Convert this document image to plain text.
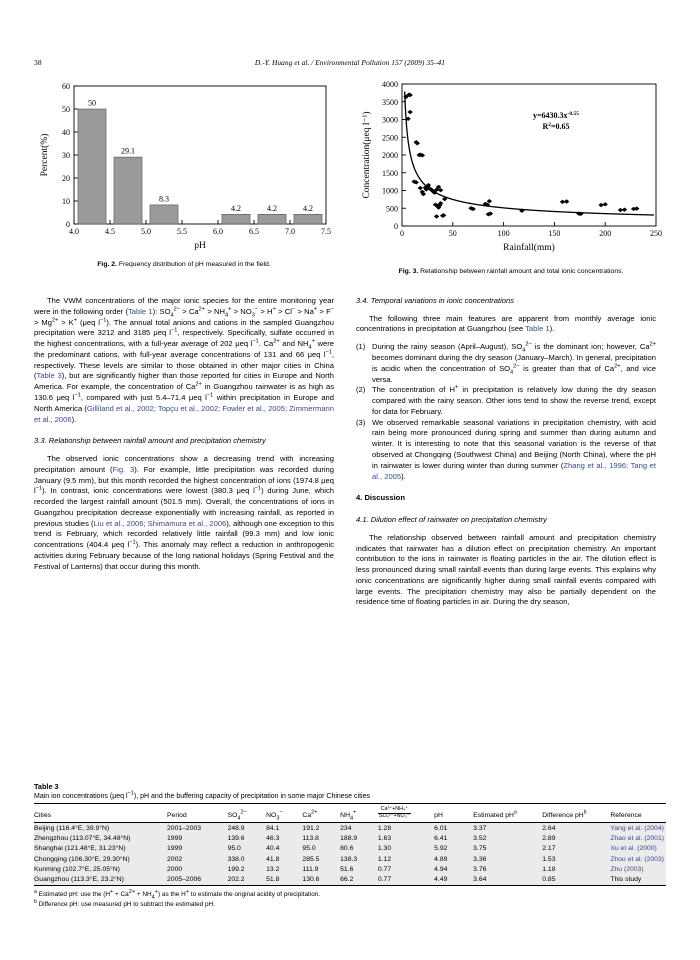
38	D.-Y. Huang et al. / Environmental Pollution 157 (2009) 35–41
0
10
20
30
40
50
60
4.0	4.5	5.0	5.5	6.0	6.5	7.0	7.5
50
29.1
8.3
4.2	4.2	4.2
pH
Percent(%)
Fig. 2. Frequency distribution of pH measured in the field.
0
500
1000
1500
2000
2500
3000
3500
4000
0	50	100	150	200	250
$y=6430.3x^{-0.55}$
$R^2=0.65$
Rainfall(mm)
Concentration(μeq l⁻¹)
Fig. 3. Relationship between rainfall amount and total ionic concentrations.

The VWM concentrations of the major ionic species for the entire monitoring year were in the following order (Table 1): $SO_4^{2-} > Ca^{2+} > NH_4^+ > NO_3^- > H^+ > Cl^- > Na^+ > F^- > Mg^{2+} > K^+$ (μeq $l^{-1}$). The annual total anions and cations in the sampled Guangzhou precipitation were 3212 and 3185 μeq $l^{-1}$, respectively. Specifically, sulfate occurred in the highest concentrations, with a full-year average of 202 μeq $l^{-1}$. $Ca^{2+}$ and $NH_4^+$ were the predominant cations, with full-year average concentrations of 131 and 66 μeq $l^{-1}$, respectively. These levels are similar to those obtained in other major cities in China (Table 3), but are significantly higher than those reported for cities in Europe and North America. For example, the concentration of $Ca^{2+}$ in Guangzhou rainwater is as high as 130.6 μeq $l^{-1}$, compared with just 5.4–71.4 μeq $l^{-1}$ within precipitation in Europe and North America (Gilliland et al., 2002; Topçu et al., 2002; Fowler et al., 2005; Zimmermann et al., 2006).

3.3. Relationship between rainfall amount and precipitation chemistry

The observed ionic concentrations show a decreasing trend with increasing precipitation amount (Fig. 3). For example, little precipitation was recorded during January (9.5 mm), but this month recorded the highest concentration of ions (1974.8 μeq $l^{-1}$). In contrast, ionic concentrations were lowest (380.3 μeq $l^{-1}$) during June, which recorded the largest rainfall amount (501.5 mm). Overall, the concentrations of ions in Guangzhou precipitation decrease exponentially with increasing rainfall, as reported in previous studies (Liu et al., 2006; Shimamura et al., 2006), although one exception to this trend is February, which recorded relatively little rainfall (99.3 mm) and low ionic concentrations (404.4 μeq $l^{-1}$). This anomaly may reflect a reduction in anthropogenic activities during February because of the long national holidays (Spring Festival and the Festival of Lanterns) that occur during this month.

3.4. Temporal variations in ionic concentrations

The following three main features are apparent from monthly average ionic concentrations in precipitation at Guangzhou (see Table 1).

(1) During the rainy season (April–August), $SO_4^{2-}$ is the dominant ion; however, $Ca^{2+}$ becomes dominant during the dry season (January–March). In general, precipitation is acidic when the concentration of $SO_4^{2-}$ is greater than that of $Ca^{2+}$, and vice versa.
(2) The concentration of H+ in precipitation is relatively low during the dry season compared with the rainy season. Other ions tend to show the reverse trend, except for data for February.
(3) We observed remarkable seasonal variations in precipitation chemistry, with acid rain being more pronounced during spring and summer than during autumn and winter. It is interesting to note that this seasonal variation is the reverse of that observed at Chongqing (Southwest China) and Beijing (North China), where the pH in rainwater is lower during winter than during summer (Zhang et al., 1996; Tang et al., 2005).
4. Discussion
4.1. Dilution effect of rainwater on precipitation chemistry

The relationship observed between rainfall amount and precipitation chemistry indicates that rainwater has a dilution effect on precipitation chemistry. An important contribution to the ions in rainwater is floating particles in the air. The dilution effect is less pronounced during small rainfall events than during large events. This explains why ionic concentrations are significantly higher during small rainfall events compared with large events. The precipitation chemistry may also be partially dependent on the residence time of floating particles in air. During the dry season,

Table 3
Main ion concentrations (μeq $l^{-1}$), pH and the buffering capacity of precipitation in some major Chinese cities
Cities	Period	$SO_4^{2-}$	$NO_3^-$	$Ca^{2+}$	$NH_4^+$	$\frac{\text{Ca²⁺+NH₄⁺}}{\text{SO₄²⁻+NO₃⁻}}$	pH	Estimated pH$^a$	Difference pH$^b$	Reference
Beijing (116.4°E, 39.9°N)	2001–2003	248.9	84.1	191.2	234	1.28	6.01	3.37	2.64	Yang et al. (2004)
Zhengzhou (113.07°E, 34.48°N)	1999	139.6	46.3	113.8	188.9	1.63	6.41	3.52	2.89	Zhao et al. (2001)
Shanghai (121.48°E, 31.23°N)	1999	95.0	40.4	95.0	80.6	1.30	5.92	3.75	2.17	Xu et al. (2000)
Chongqing (106.30°E, 29.30°N)	2002	338.0	41.8	285.5	138.3	1.12	4.89	3.36	1.53	Zhou et al. (2003)
Kunming (102.7°E, 25.05°N)	2000	199.2	13.2	111.9	51.6	0.77	4.94	3.76	1.18	Zhu (2003)
Guangzhou (113.3°E, 23.2°N)	2005–2006	202.2	51.8	130.6	66.2	0.77	4.49	3.64	0.85	This study
$^a$ Estimated pH: use the $(H^+ + Ca^{2+} + NH_4^+)$ as the H+ to estimate the original acidity of precipitation.
$^b$ Difference pH: use measured pH to subtract the estimated pH.
